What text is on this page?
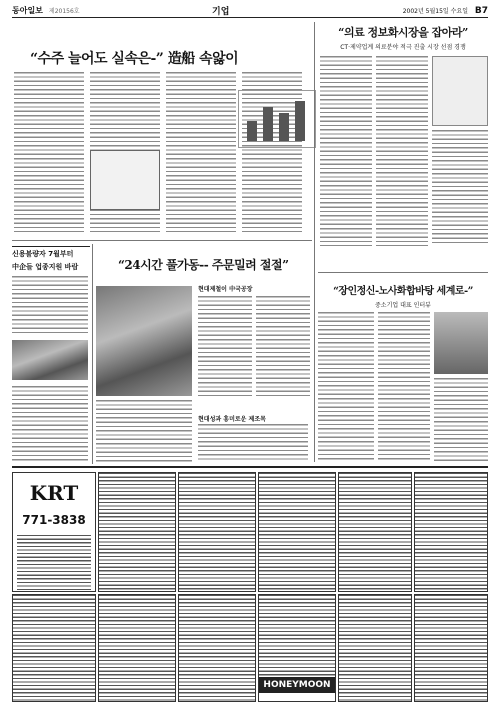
동아일보 제20156호	기업	2002년 5월15일 수요일 B7
“수주 늘어도 실속은-” 造船 속앓이
“의료 정보화시장을 잡아라”
CT·제약업계 의료분야 적극 진출 시장 선점 경쟁
신용불량자 7월부터
中企들 업종지원 바람	“24시간 풀가동-- 주문밀려 절절”
현대제철이 中국공장
현대성과 흥미로운 제조목
“장인정신-노사화합바탕 세계로-”
중소기업 대표 인터뷰
KRT
771-3838
HONEYMOON
